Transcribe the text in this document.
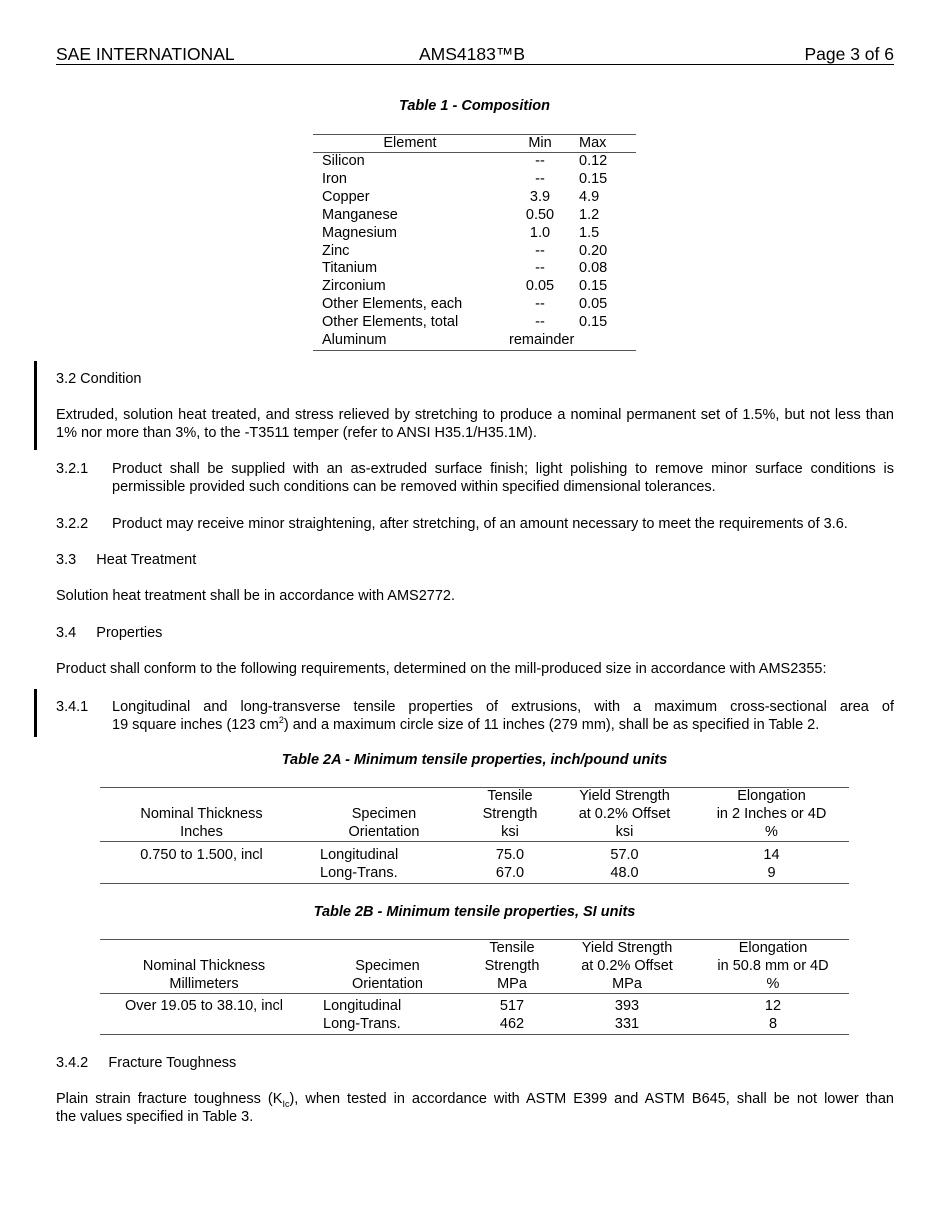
SAE INTERNATIONAL	AMS4183™B	Page 3 of 6
Table 1 - Composition
Element	Min	Max
Silicon	--	0.12
Iron	--	0.15
Copper	3.9	4.9
Manganese	0.50	1.2
Magnesium	1.0	1.5
Zinc	--	0.20
Titanium	--	0.08
Zirconium	0.05	0.15
Other Elements, each	--	0.05
Other Elements, total	--	0.15
Aluminum	remainder	
3.2 Condition
Extruded, solution heat treated, and stress relieved by stretching to produce a nominal permanent set of 1.5%, but not less than 1% nor more than 3%, to the -T3511 temper (refer to ANSI H35.1/H35.1M).
3.2.1 Product shall be supplied with an as-extruded surface finish; light polishing to remove minor surface conditions is permissible provided such conditions can be removed within specified dimensional tolerances.
3.2.2 Product may receive minor straightening, after stretching, of an amount necessary to meet the requirements of 3.6.
3.3     Heat Treatment
Solution heat treatment shall be in accordance with AMS2772.
3.4     Properties
Product shall conform to the following requirements, determined on the mill-produced size in accordance with AMS2355:
3.4.1 Longitudinal and long-transverse tensile properties of extrusions, with a maximum cross-sectional area of
19 square inches (123 $cm^2$) and a maximum circle size of 11 inches (279 mm), shall be as specified in Table 2.
Table 2A - Minimum tensile properties, inch/pound units
		Tensile	Yield Strength	Elongation
Nominal Thickness	Specimen	Strength	at 0.2% Offset	in 2 Inches or 4D
Inches	Orientation	ksi	ksi	%
0.750 to 1.500, incl	Longitudinal	75.0	57.0	14
	Long-Trans.	67.0	48.0	9
Table 2B - Minimum tensile properties, SI units
		Tensile	Yield Strength	Elongation
Nominal Thickness	Specimen	Strength	at 0.2% Offset	in 50.8 mm or 4D
Millimeters	Orientation	MPa	MPa	%
Over 19.05 to 38.10, incl	Longitudinal	517	393	12
	Long-Trans.	462	331	8
3.4.2     Fracture Toughness
Plain strain fracture toughness $(K_{Ic})$, when tested in accordance with ASTM E399 and ASTM B645, shall be not lower than
the values specified in Table 3.
